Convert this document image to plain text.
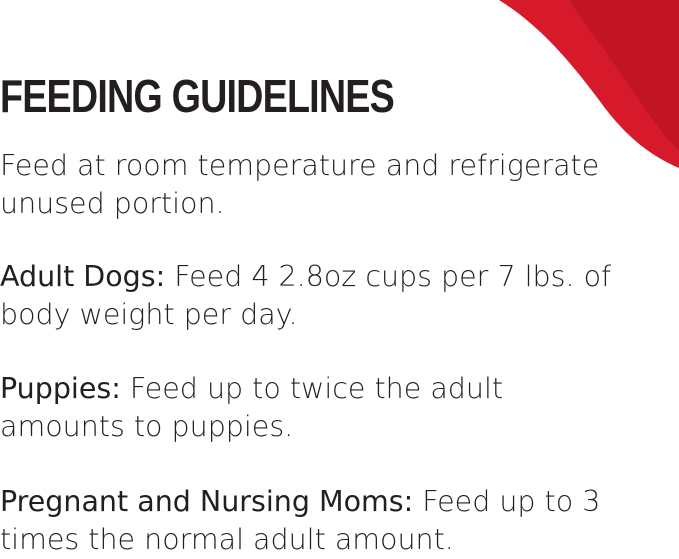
FEEDING GUIDELINES

Feed at room temperature and refrigerate
unused portion.

Adult Dogs: Feed 4 2.8oz cups per 7 lbs. of
body weight per day.

Puppies: Feed up to twice the adult
amounts to puppies.

Pregnant and Nursing Moms: Feed up to 3
times the normal adult amount.
